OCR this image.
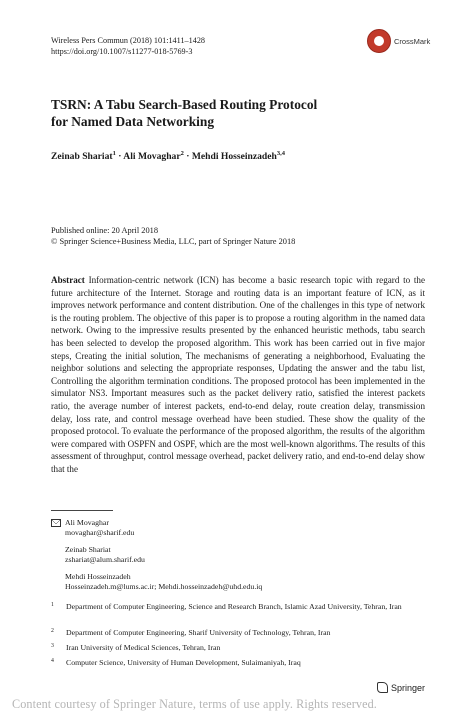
Wireless Pers Commun (2018) 101:1411–1428
https://doi.org/10.1007/s11277-018-5769-3
CrossMark
TSRN: A Tabu Search-Based Routing Protocol
for Named Data Networking
Zeinab Shariat$^1$ · Ali Movaghar$^2$ · Mehdi Hosseinzadeh$^{3,4}$
Published online: 20 April 2018
© Springer Science+Business Media, LLC, part of Springer Nature 2018
Abstract Information-centric network (ICN) has become a basic research topic with regard to the future architecture of the Internet. Storage and routing data is an important feature of ICN, as it improves network performance and content distribution. One of the challenges in this type of network is the routing problem. The objective of this paper is to propose a routing algorithm in the named data network. Owing to the impressive results presented by the enhanced heuristic methods, tabu search has been selected to develop the proposed algorithm. This work has been carried out in five major steps, Creating the initial solution, The mechanisms of generating a neighborhood, Evaluating the neighbor solutions and selecting the appropriate responses, Updating the answer and the tabu list, Controlling the algorithm termination conditions. The proposed protocol has been implemented in the simulator NS3. Important measures such as the packet delivery ratio, satisfied the interest packets ratio, the average number of interest packets, end-to-end delay, route creation delay, transmission delay, loss rate, and control message overhead have been studied. These show the quality of the proposed protocol. To evaluate the performance of the proposed algorithm, the results of the algorithm were compared with OSPFN and OSPF, which are the most well-known algorithms. The results of this assessment of throughput, control message overhead, packet delivery ratio, and end-to-end delay show that the
Ali Movaghar
movaghar@sharif.edu
Zeinab Shariat
zshariat@alum.sharif.edu
Mehdi Hosseinzadeh
Hosseinzadeh.m@lums.ac.ir; Mehdi.hosseinzadeh@uhd.edu.iq
1 Department of Computer Engineering, Science and Research Branch, Islamic Azad University, Tehran, Iran
2 Department of Computer Engineering, Sharif University of Technology, Tehran, Iran
3 Iran University of Medical Sciences, Tehran, Iran
4 Computer Science, University of Human Development, Sulaimaniyah, Iraq
Springer
Content courtesy of Springer Nature, terms of use apply. Rights reserved.
